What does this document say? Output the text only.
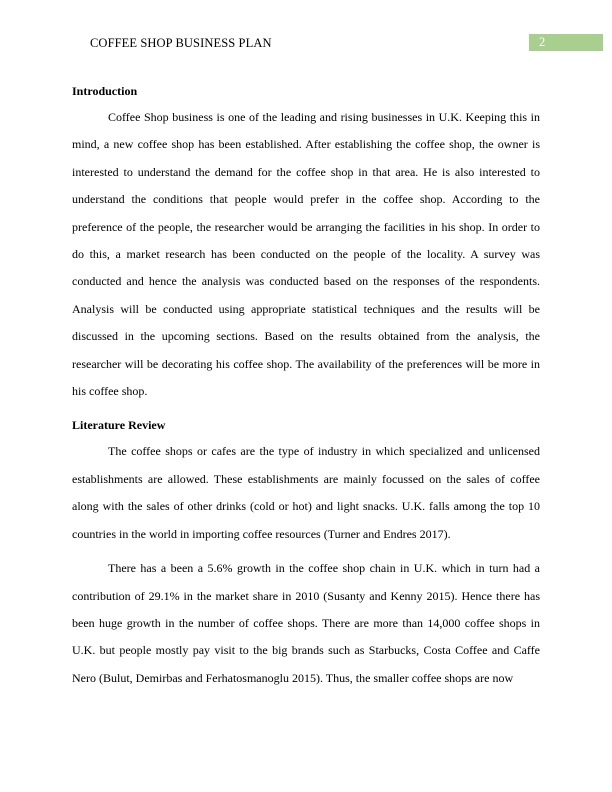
COFFEE SHOP BUSINESS PLAN	2
Introduction

Coffee Shop business is one of the leading and rising businesses in U.K. Keeping this in mind, a new coffee shop has been established. After establishing the coffee shop, the owner is interested to understand the demand for the coffee shop in that area. He is also interested to understand the conditions that people would prefer in the coffee shop. According to the preference of the people, the researcher would be arranging the facilities in his shop. In order to do this, a market research has been conducted on the people of the locality. A survey was conducted and hence the analysis was conducted based on the responses of the respondents. Analysis will be conducted using appropriate statistical techniques and the results will be discussed in the upcoming sections. Based on the results obtained from the analysis, the researcher will be decorating his coffee shop. The availability of the preferences will be more in his coffee shop.

Literature Review

The coffee shops or cafes are the type of industry in which specialized and unlicensed establishments are allowed. These establishments are mainly focussed on the sales of coffee along with the sales of other drinks (cold or hot) and light snacks. U.K. falls among the top 10 countries in the world in importing coffee resources (Turner and Endres 2017).

There has a been a 5.6% growth in the coffee shop chain in U.K. which in turn had a contribution of 29.1% in the market share in 2010 (Susanty and Kenny 2015). Hence there has been huge growth in the number of coffee shops. There are more than 14,000 coffee shops in U.K. but people mostly pay visit to the big brands such as Starbucks, Costa Coffee and Caffe Nero (Bulut, Demirbas and Ferhatosmanoglu 2015). Thus, the smaller coffee shops are now
